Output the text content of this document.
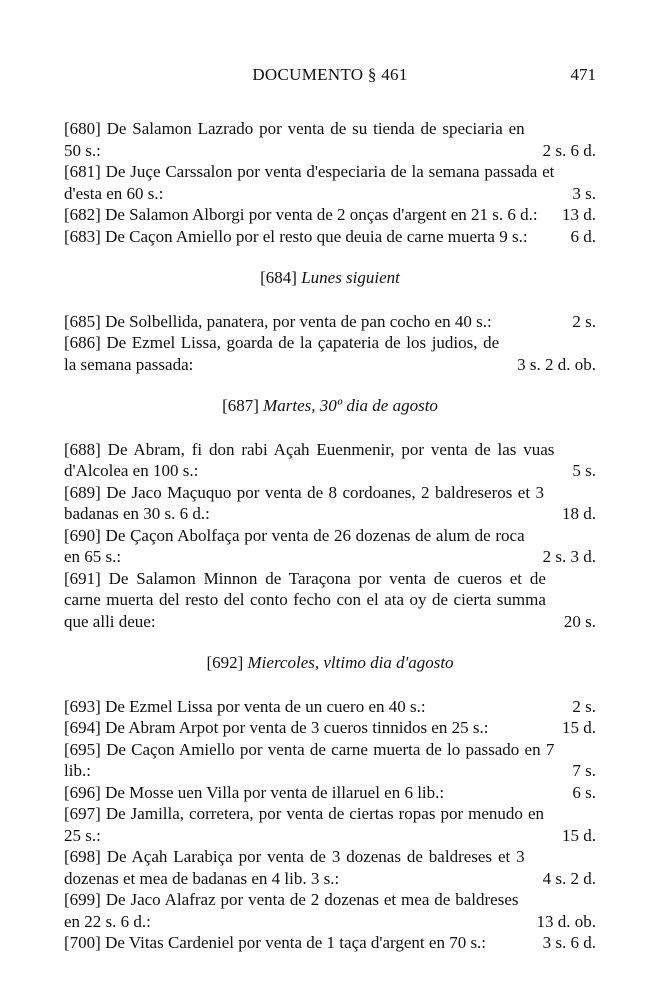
DOCUMENTO § 461	471
[680] De Salamon Lazrado por venta de su tienda de speciaria en 50 s.:	2 s. 6 d.
[681] De Juçe Carssalon por venta d'especiaria de la semana passada et d'esta en 60 s.:	3 s.
[682] De Salamon Alborgi por venta de 2 onças d'argent en 21 s. 6 d.:	13 d.
[683] De Caçon Amiello por el resto que deuia de carne muerta 9 s.:	6 d.
[684] Lunes siguient
[685] De Solbellida, panatera, por venta de pan cocho en 40 s.:	2 s.
[686] De Ezmel Lissa, goarda de la çapateria de los judios, de la semana passada:	3 s. 2 d. ob.
[687] Martes, 30º dia de agosto
[688] De Abram, fi don rabi Açah Euenmenir, por venta de las vuas d'Alcolea en 100 s.:	5 s.
[689] De Jaco Maçuquo por venta de 8 cordoanes, 2 baldreseros et 3 badanas en 30 s. 6 d.:	18 d.
[690] De Çaçon Abolfaça por venta de 26 dozenas de alum de roca en 65 s.:	2 s. 3 d.
[691] De Salamon Minnon de Taraçona por venta de cueros et de carne muerta del resto del conto fecho con el ata oy de cierta summa que alli deue:	20 s.
[692] Miercoles, vltimo dia d'agosto
[693] De Ezmel Lissa por venta de un cuero en 40 s.:	2 s.
[694] De Abram Arpot por venta de 3 cueros tinnidos en 25 s.:	15 d.
[695] De Caçon Amiello por venta de carne muerta de lo passado en 7 lib.:	7 s.
[696] De Mosse uen Villa por venta de illaruel en 6 lib.:	6 s.
[697] De Jamilla, corretera, por venta de ciertas ropas por menudo en 25 s.:	15 d.
[698] De Açah Larabiça por venta de 3 dozenas de baldreses et 3 dozenas et mea de badanas en 4 lib. 3 s.:	4 s. 2 d.
[699] De Jaco Alafraz por venta de 2 dozenas et mea de baldreses en 22 s. 6 d.:	13 d. ob.
[700] De Vitas Cardeniel por venta de 1 taça d'argent en 70 s.:	3 s. 6 d.
